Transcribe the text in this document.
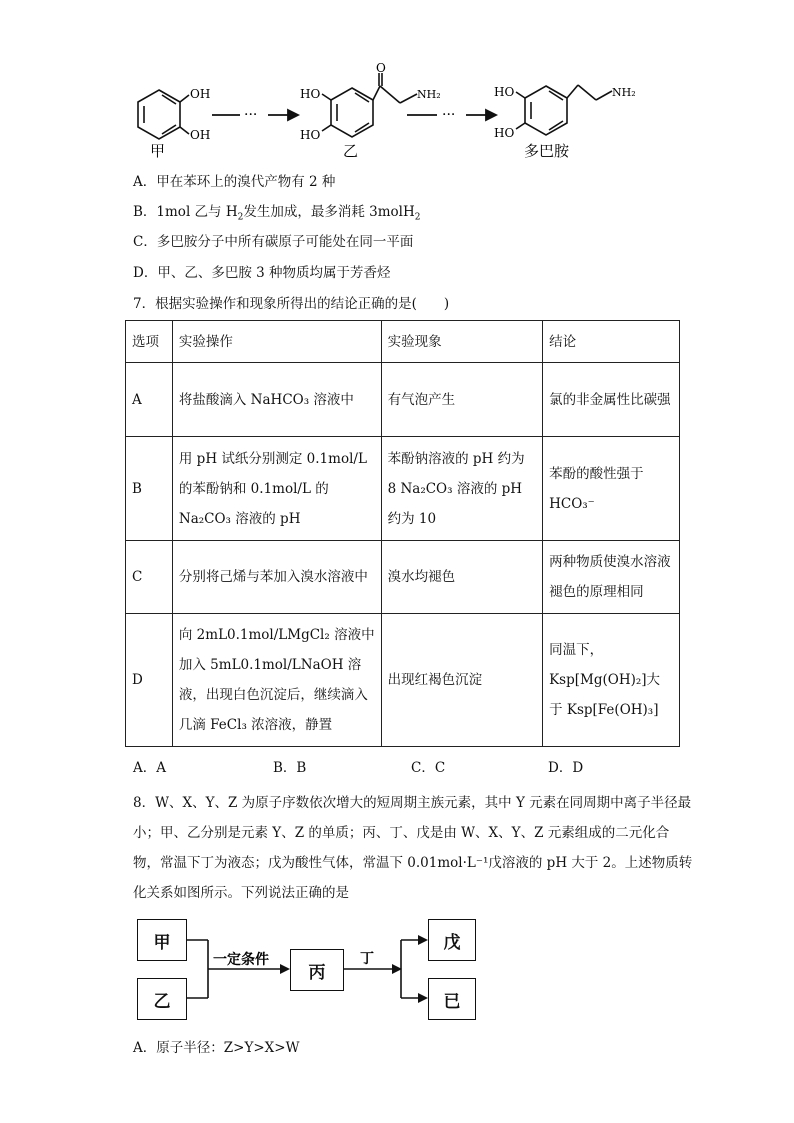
OH
OH
甲
···
HO
HO
O
NH₂
乙
···
HO
HO
NH₂
多巴胺
A．甲在苯环上的溴代产物有 2 种
B．1mol 乙与 $H_2$发生加成，最多消耗 3molH$_2$
C．多巴胺分子中所有碳原子可能处在同一平面
D．甲、乙、多巴胺 3 种物质均属于芳香烃
7．根据实验操作和现象所得出的结论正确的是(　　)
选项	实验操作	实验现象	结论
A	将盐酸滴入 NaHCO₃ 溶液中	有气泡产生	氯的非金属性比碳强
B	用 pH 试纸分别测定 0.1mol/L 的苯酚钠和 0.1mol/L 的 Na₂CO₃ 溶液的 pH	苯酚钠溶液的 pH 约为 8 Na₂CO₃ 溶液的 pH 约为 10	苯酚的酸性强于 HCO₃⁻
C	分别将己烯与苯加入溴水溶液中	溴水均褪色	两种物质使溴水溶液褪色的原理相同
D	向 2mL0.1mol/LMgCl₂ 溶液中加入 5mL0.1mol/LNaOH 溶液，出现白色沉淀后，继续滴入几滴 FeCl₃ 浓溶液，静置	出现红褐色沉淀	同温下，Ksp[Mg(OH)₂]大于 Ksp[Fe(OH)₃]
A．A	B．B	C．C	D．D
8．W、X、Y、Z 为原子序数依次增大的短周期主族元素，其中 Y 元素在同周期中离子半径最小；甲、乙分别是元素 Y、Z 的单质；丙、丁、戊是由 W、X、Y、Z 元素组成的二元化合物，常温下丁为液态；戊为酸性气体，常温下 0.01mol·L⁻¹戊溶液的 pH 大于 2。上述物质转化关系如图所示。下列说法正确的是
一定条件	丁
甲
乙
丙
戊
已
A．原子半径：Z>Y>X>W
